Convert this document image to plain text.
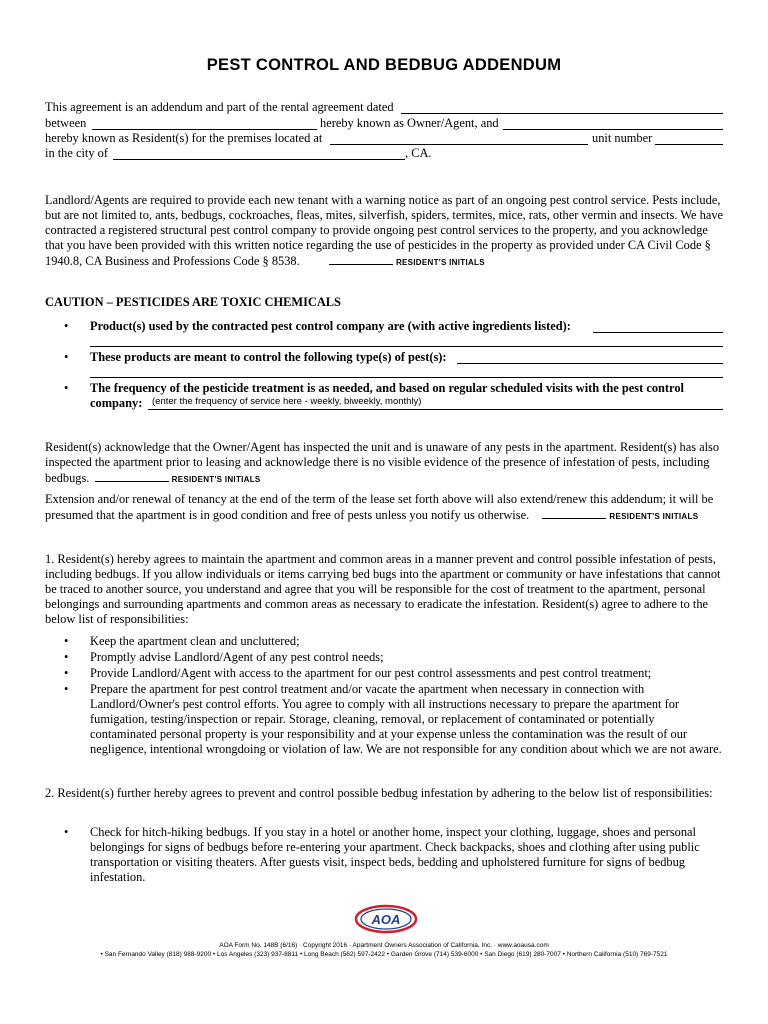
PEST CONTROL AND BEDBUG ADDENDUM
This agreement is an addendum and part of the rental agreement dated
between	hereby known as Owner/Agent, and
hereby known as Resident(s) for the premises located at	unit number
in the city of	, CA.
Landlord/Agents are required to provide each new tenant with a warning notice as part of an ongoing pest control service. Pests include, but are not limited to, ants, bedbugs, cockroaches, fleas, mites, silverfish, spiders, termites, mice, rats, other vermin and insects. We have contracted a registered structural pest control company to provide ongoing pest control services to the property, and you acknowledge that you have been provided with this written notice regarding the use of pesticides in the property as provided under CA Civil Code § 1940.8, CA Business and Professions Code § 8538.	RESIDENT'S INITIALS
CAUTION – PESTICIDES ARE TOXIC CHEMICALS
• Product(s) used by the contracted pest control company are (with active ingredients listed):
• These products are meant to control the following type(s) of pest(s):
• The frequency of the pesticide treatment is as needed, and based on regular scheduled visits with the pest control
company: (enter the frequency of service here - weekly, biweekly, monthly)
Resident(s) acknowledge that the Owner/Agent has inspected the unit and is unaware of any pests in the apartment. Resident(s) has also inspected the apartment prior to leasing and acknowledge there is no visible evidence of the presence of infestation of pests, including bedbugs.	RESIDENT'S INITIALS
Extension and/or renewal of tenancy at the end of the term of the lease set forth above will also extend/renew this addendum; it will be presumed that the apartment is in good condition and free of pests unless you notify us otherwise.	RESIDENT'S INITIALS
1. Resident(s) hereby agrees to maintain the apartment and common areas in a manner prevent and control possible infestation of pests, including bedbugs. If you allow individuals or items carrying bed bugs into the apartment or community or have infestations that cannot be traced to another source, you understand and agree that you will be responsible for the cost of treatment to the apartment, personal belongings and surrounding apartments and common areas as necessary to eradicate the infestation. Resident(s) agree to adhere to the below list of responsibilities:
• Keep the apartment clean and uncluttered;
• Promptly advise Landlord/Agent of any pest control needs;
• Provide Landlord/Agent with access to the apartment for our pest control assessments and pest control treatment;
• Prepare the apartment for pest control treatment and/or vacate the apartment when necessary in connection with Landlord/Owner's pest control efforts. You agree to comply with all instructions necessary to prepare the apartment for fumigation, testing/inspection or repair. Storage, cleaning, removal, or replacement of contaminated or potentially contaminated personal property is your responsibility and at your expense unless the contamination was the result of our negligence, intentional wrongdoing or violation of law. We are not responsible for any condition about which we are not aware.
2. Resident(s) further hereby agrees to prevent and control possible bedbug infestation by adhering to the below list of responsibilities:
• Check for hitch-hiking bedbugs. If you stay in a hotel or another home, inspect your clothing, luggage, shoes and personal belongings for signs of bedbugs before re-entering your apartment. Check backpacks, shoes and clothing after using public transportation or visiting theaters. After guests visit, inspect beds, bedding and upholstered furniture for signs of bedbug infestation.
AOA
AOA Form No. 148B (6/16) · Copyright 2016 · Apartment Owners Association of California, Inc. · www.aoausa.com
• San Fernando Valley (818) 988-9200 • Los Angeles (323) 937-8811 • Long Beach (562) 597-2422 • Garden Grove (714) 539-6000 • San Diego (619) 280-7007 • Northern California (510) 769-7521
